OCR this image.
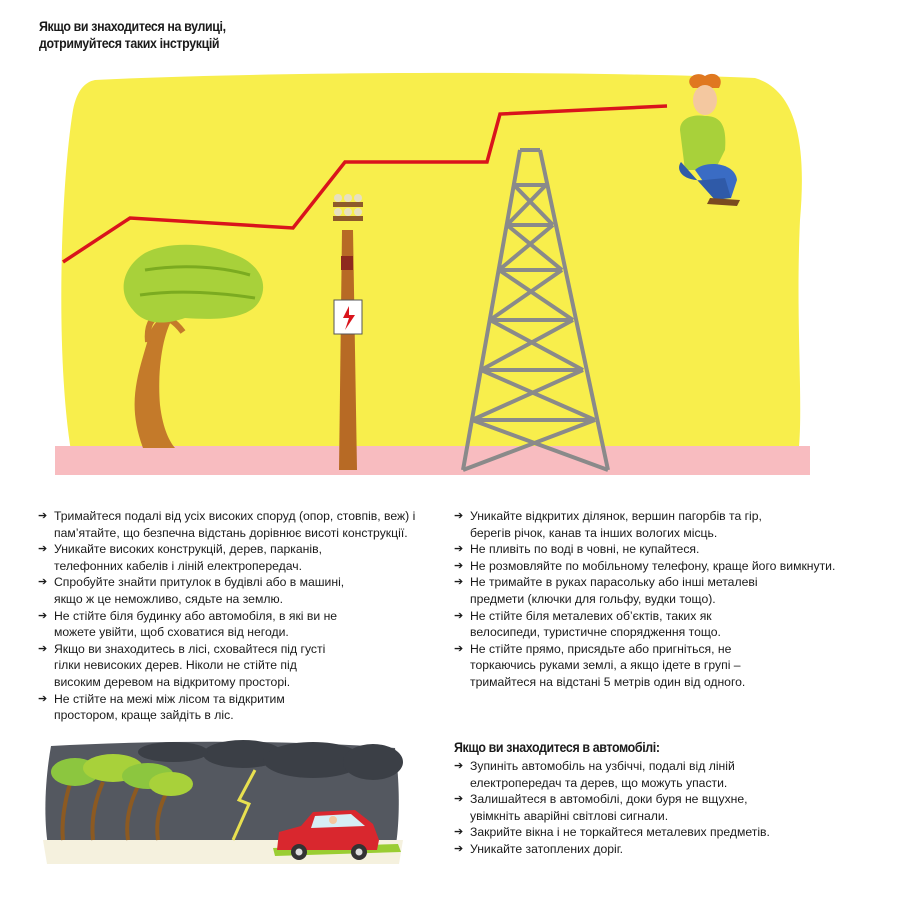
Якщо ви знаходитеся на вулиці,
дотримуйтеся таких інструкцій
➔ Тримайтеся подалі від усіх високих споруд (опор, стовпів, веж) і
пам’ятайте, що безпечна відстань дорівнює висоті конструкції.
➔ Уникайте високих конструкцій, дерев, парканів,
телефонних кабелів і ліній електропередач.
➔ Спробуйте знайти притулок в будівлі або в машині,
якщо ж це неможливо, сядьте на землю.
➔ Не стійте біля будинку або автомобіля, в які ви не
можете увійти, щоб сховатися від негоди.
➔ Якщо ви знаходитесь в лісі, сховайтеся під густі
гілки невисоких дерев. Ніколи не стійте під
високим деревом на відкритому просторі.
➔ Не стійте на межі між лісом та відкритим
простором, краще зайдіть в ліс.
➔ Уникайте відкритих ділянок, вершин пагорбів та гір,
берегів річок, канав та інших вологих місць.
➔ Не пливіть по воді в човні, не купайтеся.
➔ Не розмовляйте по мобільному телефону, краще його вимкнути.
➔ Не тримайте в руках парасольку або інші металеві
предмети (ключки для гольфу, вудки тощо).
➔ Не стійте біля металевих об’єктів, таких як
велосипеди, туристичне спорядження тощо.
➔ Не стійте прямо, присядьте або пригніться, не
торкаючись руками землі, а якщо ідете в групі –
тримайтеся на відстані 5 метрів один від одного.
Якщо ви знаходитеся в автомобілі:
➔ Зупиніть автомобіль на узбіччі, подалі від ліній
електропередач та дерев, що можуть упасти.
➔ Залишайтеся в автомобілі, доки буря не вщухне,
увімкніть аварійні світлові сигнали.
➔ Закрийте вікна і не торкайтеся металевих предметів.
➔ Уникайте затоплених доріг.
